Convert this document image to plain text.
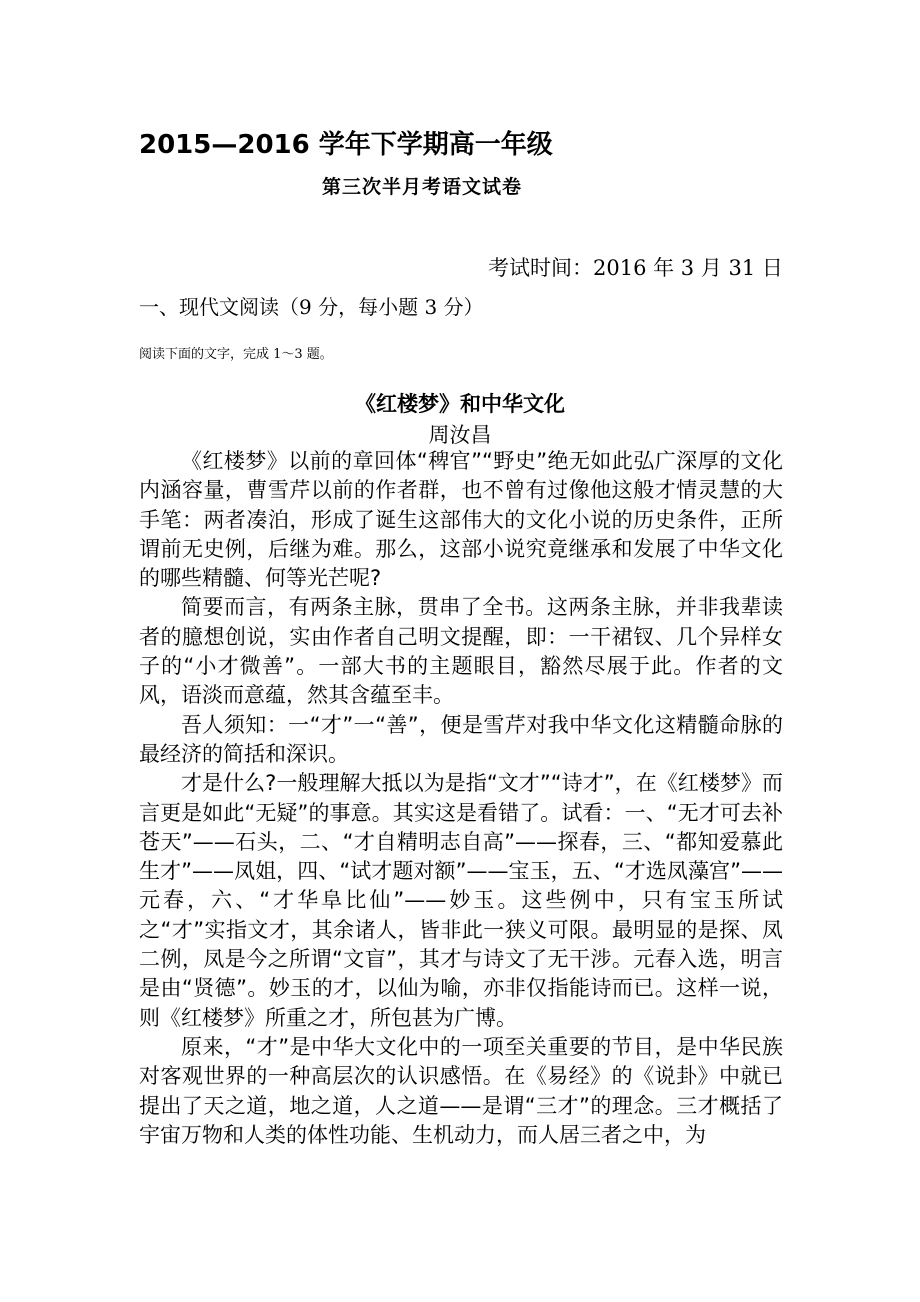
2015—2016 学年下学期高一年级
第三次半月考语文试卷
考试时间：2016 年 3 月 31 日
一、现代文阅读（9 分，每小题 3 分）
阅读下面的文字，完成 1～3 题。
《红楼梦》和中华文化
周汝昌

《红楼梦》以前的章回体“稗官”“野史”绝无如此弘广深厚的文化内涵容量，曹雪芹以前的作者群，也不曾有过像他这般才情灵慧的大手笔：两者凑泊，形成了诞生这部伟大的文化小说的历史条件，正所谓前无史例，后继为难。那么，这部小说究竟继承和发展了中华文化的哪些精髓、何等光芒呢?

简要而言，有两条主脉，贯串了全书。这两条主脉，并非我辈读者的臆想创说，实由作者自己明文提醒，即：一干裙钗、几个异样女子的“小才微善”。一部大书的主题眼目，豁然尽展于此。作者的文风，语淡而意蕴，然其含蕴至丰。

吾人须知：一“才”一“善”，便是雪芹对我中华文化这精髓命脉的最经济的简括和深识。

才是什么?一般理解大抵以为是指“文才”“诗才”，在《红楼梦》而言更是如此“无疑”的事意。其实这是看错了。试看：一、“无才可去补苍天”——石头，二、“才自精明志自高”——探春，三、“都知爱慕此生才”——凤姐，四、“试才题对额”——宝玉，五、“才选凤藻宫”——元春，六、“才华阜比仙”——妙玉。这些例中，只有宝玉所试之“才”实指文才，其余诸人，皆非此一狭义可限。最明显的是探、凤二例，凤是今之所谓“文盲”，其才与诗文了无干涉。元春入选，明言是由“贤德”。妙玉的才，以仙为喻，亦非仅指能诗而已。这样一说，则《红楼梦》所重之才，所包甚为广博。

原来，“才”是中华大文化中的一项至关重要的节目，是中华民族对客观世界的一种高层次的认识感悟。在《易经》的《说卦》中就已提出了天之道，地之道，人之道——是谓“三才”的理念。三才概括了宇宙万物和人类的体性功能、生机动力，而人居三者之中，为
